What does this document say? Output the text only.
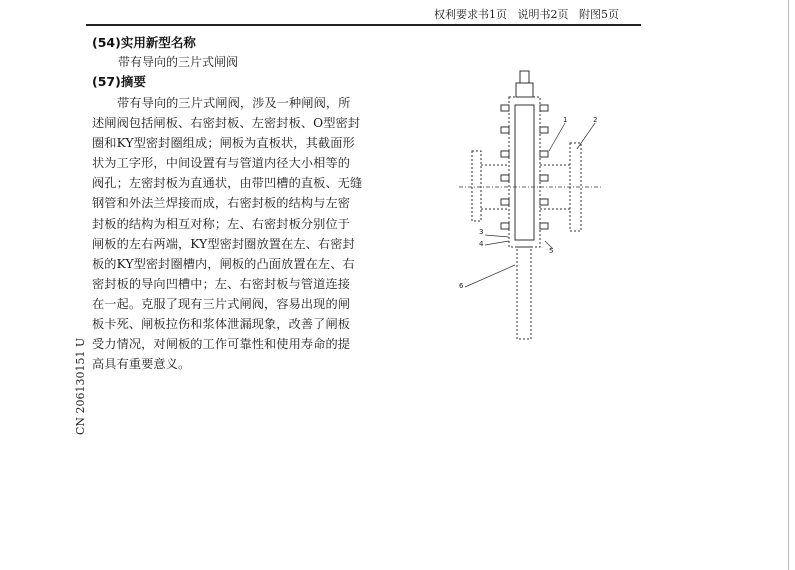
权利要求书1页   说明书2页   附图5页
(54)实用新型名称
带有导向的三片式闸阀
(57)摘要
带有导向的三片式闸阀，涉及一种闸阀，所
述闸阀包括闸板、右密封板、左密封板、O型密封
圈和KY型密封圈组成；闸板为直板状，其截面形
状为工字形，中间设置有与管道内径大小相等的
阀孔；左密封板为直通状，由带凹槽的直板、无缝
钢管和外法兰焊接而成，右密封板的结构与左密
封板的结构为相互对称；左、右密封板分别位于
闸板的左右两端，KY型密封圈放置在左、右密封
板的KY型密封圈槽内，闸板的凸面放置在左、右
密封板的导向凹槽中；左、右密封板与管道连接
在一起。克服了现有三片式闸阀，容易出现的闸
板卡死、闸板拉伤和浆体泄漏现象，改善了闸板
受力情况，对闸板的工作可靠性和使用寿命的提
高具有重要意义。
CN 206130151 U
1	2
3
4
5
6
